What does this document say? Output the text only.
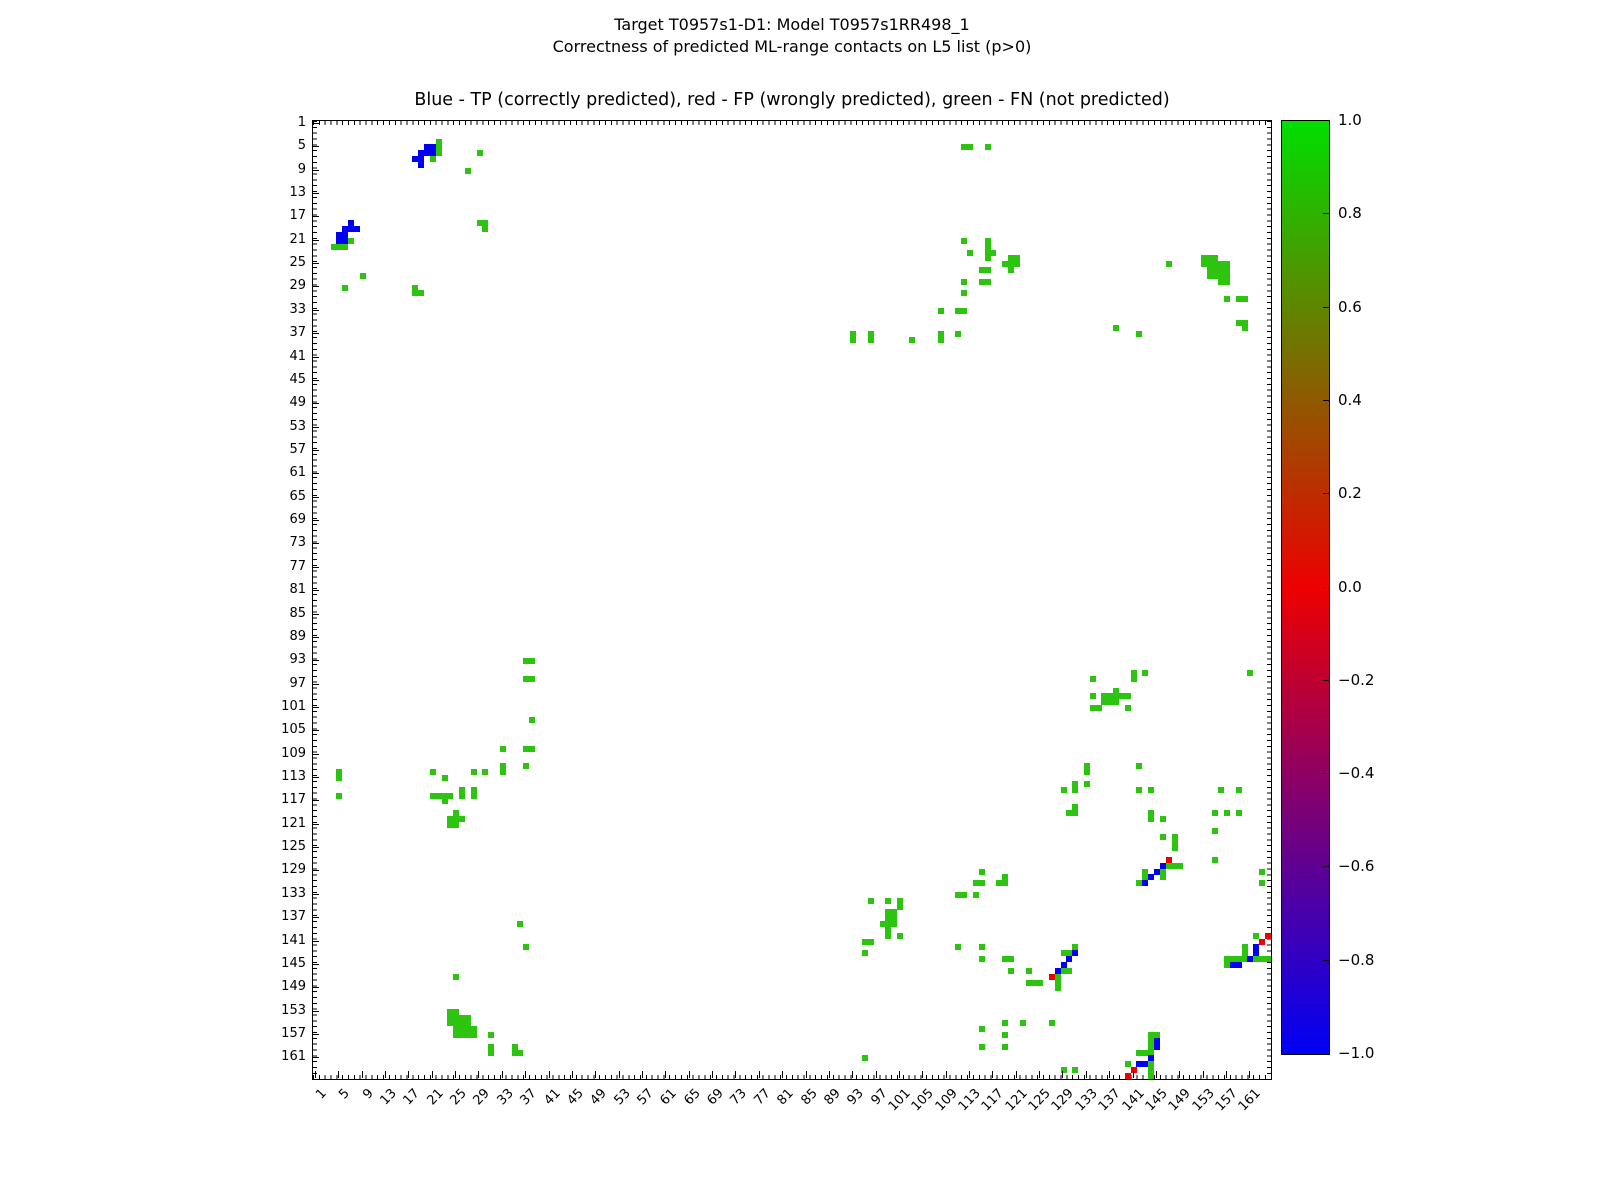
Target T0957s1-D1: Model T0957s1RR498_1
Correctness of predicted ML-range contacts on L5 list (p>0)
Blue - TP (correctly predicted), red - FP (wrongly predicted), green - FN (not predicted)
1 5 9 13 17 21 25 29 33 37 41 45 49 53 57 61 65 69 73 77 81 85 89 93 97
101
105
109
113
117
121
125
129
133
137
141
145
149
153
157
161
1
5
9
13
17
21
25
29
33
37
41
45
49
53
57
61
65
69
73
77
81
85
89
93
97
101
105
109
113
117
121
125
129
133
137
141
145
149
153
157
161
1.0
0.8
0.6
0.4
0.2
0.0
−0.2
−0.4
−0.6
−0.8
−1.0
